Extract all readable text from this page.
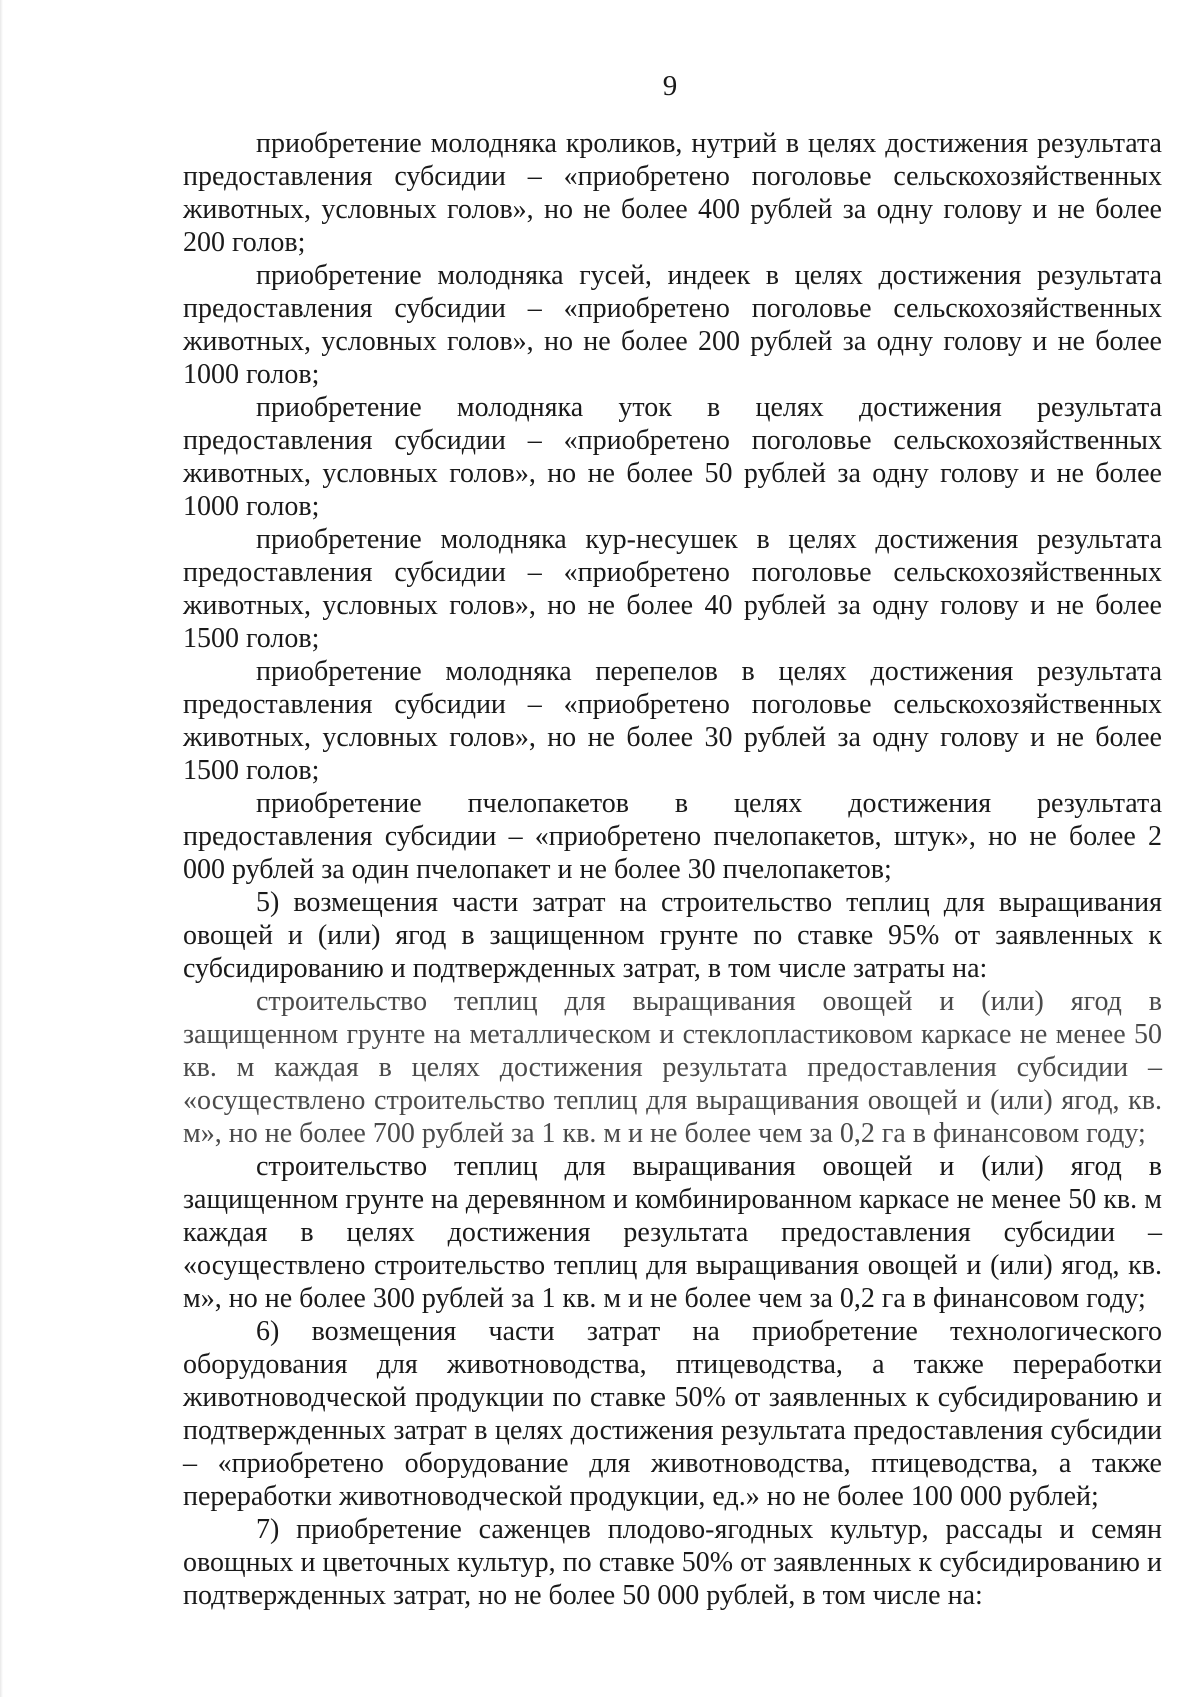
9

приобретение молодняка кроликов, нутрий в целях достижения результата предоставления субсидии – «приобретено поголовье сельскохозяйственных животных, условных голов», но не более 400 рублей за одну голову и не более 200 голов;

приобретение молодняка гусей, индеек в целях достижения результата предоставления субсидии – «приобретено поголовье сельскохозяйственных животных, условных голов», но не более 200 рублей за одну голову и не более 1000 голов;

приобретение молодняка уток в целях достижения результата предоставления субсидии – «приобретено поголовье сельскохозяйственных животных, условных голов», но не более 50 рублей за одну голову и не более 1000 голов;

приобретение молодняка кур-несушек в целях достижения результата предоставления субсидии – «приобретено поголовье сельскохозяйственных животных, условных голов», но не более 40 рублей за одну голову и не более 1500 голов;

приобретение молодняка перепелов в целях достижения результата предоставления субсидии – «приобретено поголовье сельскохозяйственных животных, условных голов», но не более 30 рублей за одну голову и не более 1500 голов;

приобретение пчелопакетов в целях достижения результата предоставления субсидии – «приобретено пчелопакетов, штук», но не более 2 000 рублей за один пчелопакет и не более 30 пчелопакетов;

5) возмещения части затрат на строительство теплиц для выращивания овощей и (или) ягод в защищенном грунте по ставке 95% от заявленных к субсидированию и подтвержденных затрат, в том числе затраты на:

строительство теплиц для выращивания овощей и (или) ягод в защищенном грунте на металлическом и стеклопластиковом каркасе не менее 50 кв. м каждая в целях достижения результата предоставления субсидии – «осуществлено строительство теплиц для выращивания овощей и (или) ягод, кв. м», но не более 700 рублей за 1 кв. м и не более чем за 0,2 га в финансовом году;

строительство теплиц для выращивания овощей и (или) ягод в защищенном грунте на деревянном и комбинированном каркасе не менее 50 кв. м каждая в целях достижения результата предоставления субсидии – «осуществлено строительство теплиц для выращивания овощей и (или) ягод, кв. м», но не более 300 рублей за 1 кв. м и не более чем за 0,2 га в финансовом году;

6) возмещения части затрат на приобретение технологического оборудования для животноводства, птицеводства, а также переработки животноводческой продукции по ставке 50% от заявленных к субсидированию и подтвержденных затрат в целях достижения результата предоставления субсидии – «приобретено оборудование для животноводства, птицеводства, а также переработки животноводческой продукции, ед.» но не более 100 000 рублей;

7) приобретение саженцев плодово-ягодных культур, рассады и семян овощных и цветочных культур, по ставке 50% от заявленных к субсидированию и подтвержденных затрат, но не более 50 000 рублей, в том числе на:
